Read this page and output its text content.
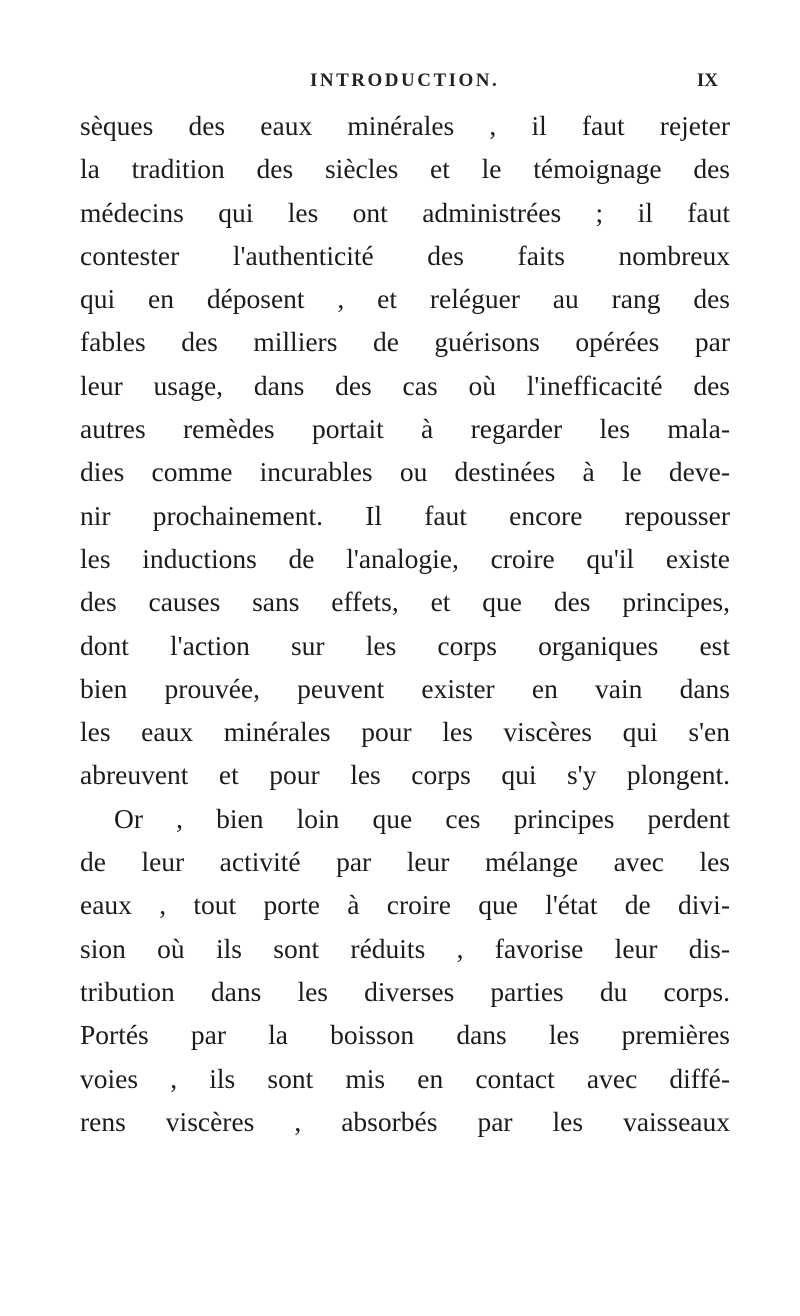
INTRODUCTION.	IX
sèques des eaux minérales , il faut rejeter
la tradition des siècles et le témoignage des
médecins qui les ont administrées ; il faut
contester l'authenticité des faits nombreux
qui en déposent , et reléguer au rang des
fables des milliers de guérisons opérées par
leur usage, dans des cas où l'inefficacité des
autres remèdes portait à regarder les mala-
dies comme incurables ou destinées à le deve-
nir prochainement. Il faut encore repousser
les inductions de l'analogie, croire qu'il existe
des causes sans effets, et que des principes,
dont l'action sur les corps organiques est
bien prouvée, peuvent exister en vain dans
les eaux minérales pour les viscères qui s'en
abreuvent et pour les corps qui s'y plongent.
Or , bien loin que ces principes perdent
de leur activité par leur mélange avec les
eaux , tout porte à croire que l'état de divi-
sion où ils sont réduits , favorise leur dis-
tribution dans les diverses parties du corps.
Portés par la boisson dans les premières
voies , ils sont mis en contact avec diffé-
rens viscères , absorbés par les vaisseaux
